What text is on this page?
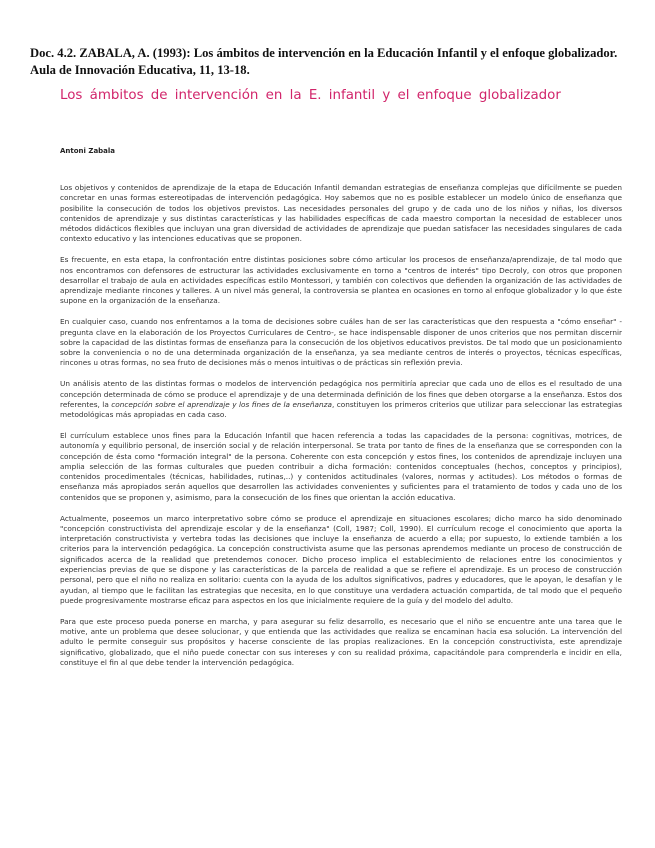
Doc. 4.2. ZABALA, A. (1993): Los ámbitos de intervención en la Educación Infantil y el enfoque globalizador. Aula de Innovación Educativa, 11, 13-18.
Los ámbitos de intervención en la E. infantil y el enfoque globalizador
Antoni Zabala

Los objetivos y contenidos de aprendizaje de la etapa de Educación Infantil demandan estrategias de enseñanza complejas que difícilmente se pueden concretar en unas formas estereotipadas de intervención pedagógica. Hoy sabemos que no es posible establecer un modelo único de enseñanza que posibilite la consecución de todos los objetivos previstos. Las necesidades personales del grupo y de cada uno de los niños y niñas, los diversos contenidos de aprendizaje y sus distintas características y las habilidades específicas de cada maestro comportan la necesidad de establecer unos métodos didácticos flexibles que incluyan una gran diversidad de actividades de aprendizaje que puedan satisfacer las necesidades singulares de cada contexto educativo y las intenciones educativas que se proponen.

Es frecuente, en esta etapa, la confrontación entre distintas posiciones sobre cómo articular los procesos de enseñanza/aprendizaje, de tal modo que nos encontramos con defensores de estructurar las actividades exclusivamente en torno a "centros de interés" tipo Decroly, con otros que proponen desarrollar el trabajo de aula en actividades específicas estilo Montessori, y también con colectivos que defienden la organización de las actividades de aprendizaje mediante rincones y talleres. A un nivel más general, la controversia se plantea en ocasiones en torno al enfoque globalizador y lo que éste supone en la organización de la enseñanza.

En cualquier caso, cuando nos enfrentamos a la toma de decisiones sobre cuáles han de ser las características que den respuesta a "cómo enseñar" -pregunta clave en la elaboración de los Proyectos Curriculares de Centro-, se hace indispensable disponer de unos criterios que nos permitan discernir sobre la capacidad de las distintas formas de enseñanza para la consecución de los objetivos educativos previstos. De tal modo que un posicionamiento sobre la conveniencia o no de una determinada organización de la enseñanza, ya sea mediante centros de interés o proyectos, técnicas específicas, rincones u otras formas, no sea fruto de decisiones más o menos intuitivas o de prácticas sin reflexión previa.

Un análisis atento de las distintas formas o modelos de intervención pedagógica nos permitiría apreciar que cada uno de ellos es el resultado de una concepción determinada de cómo se produce el aprendizaje y de una determinada definición de los fines que deben otorgarse a la enseñanza. Estos dos referentes, la concepción sobre el aprendizaje y los fines de la enseñanza, constituyen los primeros criterios que utilizar para seleccionar las estrategias metodológicas más apropiadas en cada caso.

El currículum establece unos fines para la Educación Infantil que hacen referencia a todas las capacidades de la persona: cognitivas, motrices, de autonomía y equilibrio personal, de inserción social y de relación interpersonal. Se trata por tanto de fines de la enseñanza que se corresponden con la concepción de ésta como "formación integral" de la persona. Coherente con esta concepción y estos fines, los contenidos de aprendizaje incluyen una amplia selección de las formas culturales que pueden contribuir a dicha formación: contenidos conceptuales (hechos, conceptos y principios), contenidos procedimentales (técnicas, habilidades, rutinas,..) y contenidos actitudinales (valores, normas y actitudes). Los métodos o formas de enseñanza más apropiados serán aquellos que desarrollen las actividades convenientes y suficientes para el tratamiento de todos y cada uno de los contenidos que se proponen y, asimismo, para la consecución de los fines que orientan la acción educativa.

Actualmente, poseemos un marco interpretativo sobre cómo se produce el aprendizaje en situaciones escolares; dicho marco ha sido denominado "concepción constructivista del aprendizaje escolar y de la enseñanza" (Coll, 1987; Coll, 1990). El currículum recoge el conocimiento que aporta la interpretación constructivista y vertebra todas las decisiones que incluye la enseñanza de acuerdo a ella; por supuesto, lo extiende también a los criterios para la intervención pedagógica. La concepción constructivista asume que las personas aprendemos mediante un proceso de construcción de significados acerca de la realidad que pretendemos conocer. Dicho proceso implica el establecimiento de relaciones entre los conocimientos y experiencias previas de que se dispone y las características de la parcela de realidad a que se refiere el aprendizaje. Es un proceso de construcción personal, pero que el niño no realiza en solitario: cuenta con la ayuda de los adultos significativos, padres y educadores, que le apoyan, le desafían y le ayudan, al tiempo que le facilitan las estrategias que necesita, en lo que constituye una verdadera actuación compartida, de tal modo que el pequeño puede progresivamente mostrarse eficaz para aspectos en los que inicialmente requiere de la guía y del modelo del adulto.

Para que este proceso pueda ponerse en marcha, y para asegurar su feliz desarrollo, es necesario que el niño se encuentre ante una tarea que le motive, ante un problema que desee solucionar, y que entienda que las actividades que realiza se encaminan hacia esa solución. La intervención del adulto le permite conseguir sus propósitos y hacerse consciente de las propias realizaciones. En la concepción constructivista, este aprendizaje significativo, globalizado, que el niño puede conectar con sus intereses y con su realidad próxima, capacitándole para comprenderla e incidir en ella, constituye el fin al que debe tender la intervención pedagógica.
